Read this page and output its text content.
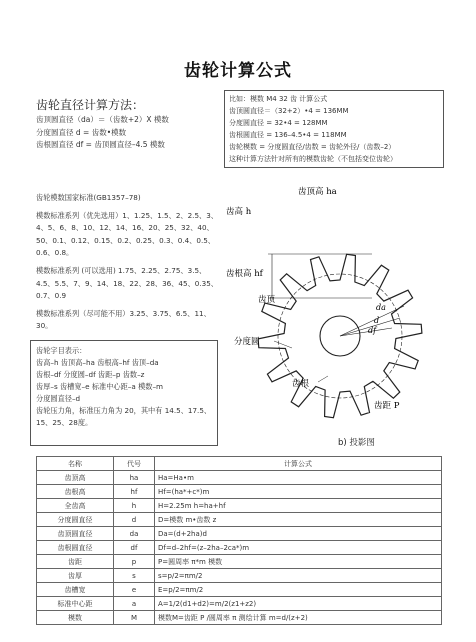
齿轮计算公式
齿轮直径计算方法：
齿顶圆直径（da）＝（齿数+2）X 模数
分度圆直径 d = 齿数•模数
齿根圆直径 df = 齿顶圆直径–4.5 模数
比如：模数 M4 32 齿 计算公式
齿顶圆直径＝（32+2）•4 = 136MM
分度圆直径 = 32•4 = 128MM
齿根圆直径 = 136–4.5•4 = 118MM
齿轮模数 = 分度圆直径/齿数 = 齿轮外径/（齿数–2）
这种计算方法针对所有的模数齿轮（不包括变位齿轮）

齿轮模数国家标准(GB1357–78)

模数标准系列（优先选用）1、1.25、1.5、2、2.5、3、4、5、6、8、10、12、14、16、20、25、32、40、50、0.1、0.12、0.15、0.2、0.25、0.3、0.4、0.5、0.6、0.8。

模数标准系列 (可以选用) 1.75、2.25、2.75、3.5、4.5、5.5、7、9、14、18、22、28、36、45、0.35、0.7、0.9

模数标准系列（尽可能不用）3.25、3.75、6.5、11、30。

齿轮字目表示：
齿高–h 齿顶高–ha 齿根高–hf 齿顶–da
齿根–df 分度圆–df 齿距–p 齿数–z
齿厚–s 齿槽宽–e 标准中心距–a 模数–m
分度圆直径–d
齿轮压力角，标准压力角为 20，其中有 14.5、17.5、15、25、28度。
da
d
df
齿高 h
齿顶高 ha
齿根高 hf
齿顶
分度圆
齿根
齿距 P
b) 投影图
名称	代号	计算公式
齿顶高	ha	Ha=Ha•m
齿根高	hf	Hf=(ha*+c*)m
全齿高	h	H=2.25m h=ha+hf
分度圆直径	d	D=模数 m•齿数 z
齿顶圆直径	da	Da=(d+2ha)d
齿根圆直径	df	Df=d–2hf=(z–2ha–2ca*)m
齿距	p	P=圆周率 π*m 模数
齿厚	s	s=p/2=πm/2
齿槽宽	e	E=p/2=πm/2
标准中心距	a	A=1/2(d1+d2)=m/2(z1+z2)
模数	M	模数M=齿距 P /圆周率 π 测绘计算 m=d/(z+2)
